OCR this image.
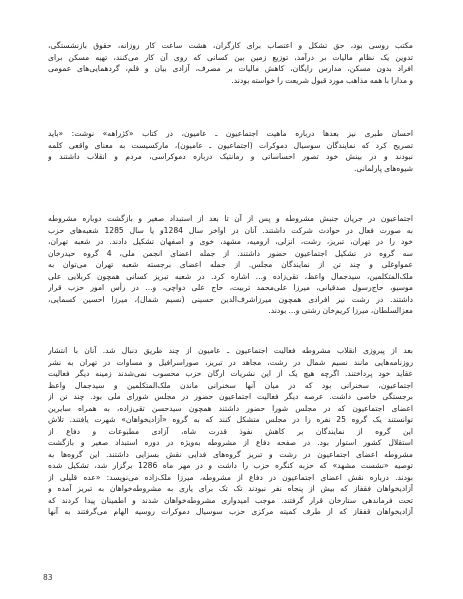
مکتب روسی بود، حق تشکل و اعتصاب برای کارگران، هشت ساعت کار روزانه، حقوق بازنشستگی،
تدوین یک نظام مالیات بر درآمد، توزیع زمین بین کسانی که روی آن کار می‌کنند، تهیه مسکن برای
افراد بدون مسکن، مدارس رایگان، کاهش مالیات بر مصرف، آزادی بیان و قلم، گردهمایی‌های عمومی
و مدارا با همه مذاهب مورد قبول شریعت را خواسته بودند.
احسان طبری نیز بعدها درباره ماهیت اجتماعیون ـ عامیون، در کتاب «کژراهه» نوشت: «باید
تصریح کرد که نمایندگان سوسیال دموکرات (اجتماعیون ـ عامیون)، مارکسیست به معنای واقعی کلمه
نبودند و در بینش خود تصور احساساتی و رمانتیک درباره دموکراسی، مردم و انقلاب داشتند و
شیوه‌های پارلمانی.
اجتماعیون در جریان جنبش مشروطه و پس از آن تا بعد از استبداد صغیر و بازگشت دوباره مشروطه
به صورت فعال در حوادث شرکت داشتند. آنان در اواخر سال 1284و یا سال 1285 شعبه‌های حزب
خود را در تهران، تبریز، رشت، انزلی، ارومیه، مشهد، خوی و اصفهان تشکیل دادند. در شعبه تهران،
سه گروه در تشکیل اجتماعیون حضور داشتند. از جمله اعضای انجمن ملی، 4 گروه حیدرخان
عمواوغلی و چند تن از نمایندگان مجلس. از جمله اعضای برجسته شعبه تهران می‌توان به
ملک‌المتکلمین، سیدجمال واعظ، تقی‌زاده و... اشاره کرد. در شعبه تبریز کسانی همچون کربلایی علی
موسیو، حاج‌رسول صدقیانی، میرزا علی‌محمد تربیت، حاج علی دواچی، و... در رأس امور حزب قرار
داشتند. در رشت نیز افرادی همچون میرزاشرف‌الدین حسینی (نسیم شمال)، میرزا احسین کسمایی،
معزالسلطان، میرزا کریم‌خان رشتی و... بودند.
بعد از پیروزی انقلاب مشروطه فعالیت اجتماعیون ـ عامیون از چند طریق دنبال شد. آنان با انتشار
روزنامه‌هایی مانند نسیم شمال در رشت، مجاهد در تبریز، صوراسرافیل و مساوات در تهران به نشر
عقاید خود پرداختند. اگرچه هیچ یک از این نشریات ارگان حزب محسوب نمی‌شدند زمینه دیگر فعالیت
اجتماعیون، سخنرانی بود که در میان آنها سخنرانی ماندن ملک‌المتکلمین و سیدجمال واعظ
برجستگی خاصی داشت. عرصه دیگر فعالیت اجتماعیون حضور در مجلس شورای ملی بود. چند تن از
اعضای اجتماعیون که در مجلس شورا حضور داشتند همچون سیدحسن تقی‌زاده، به همراه سایرین
توانستند یک گروه 25 نفره را در مجلس متشکل کنند که به گروه «آزادیخواهان» شهرت یافتند. تلاش
این گروه از نمایندگان بر کاهش نفوذ قدرت شاه، آزادی مطبوعات و دفاع از
استقلال کشور استوار بود. در صفحه دفاع از مشروطه به‌ویژه در دوره استبداد صغیر و بازگشت
مشروطه اعضای اجتماعیون در رشت و تبریز گروه‌های فدایی نقش بسزایی داشتند. این گروه‌ها به
توصیه «نشست مشهد» که حزبه کنگره حزب را داشت و در مهر ماه 1286 برگزار شد، تشکیل شده
بودند. درباره نقش اعضای اجتماعیون در دفاع از مشروطه، میرزا ملک‌زاده می‌نویسد: «عده قلیلی از
آزادیخواهان فقفاز که بیش از پنجاه نفر نبودند تک تک برای یاری به مشروطه‌خواهان به تبریز آمده و
تحت فرماندهی ستارخان قرار گرفتند. موجب امیدواری مشروطه‌خواهان شدند و اطمینان پیدا کردند که
آزادیخواهان قفقاز که از طرف کمیته مرکزی حزب سوسیال دموکرات روسیه الهام می‌گرفتند به آنها
83
